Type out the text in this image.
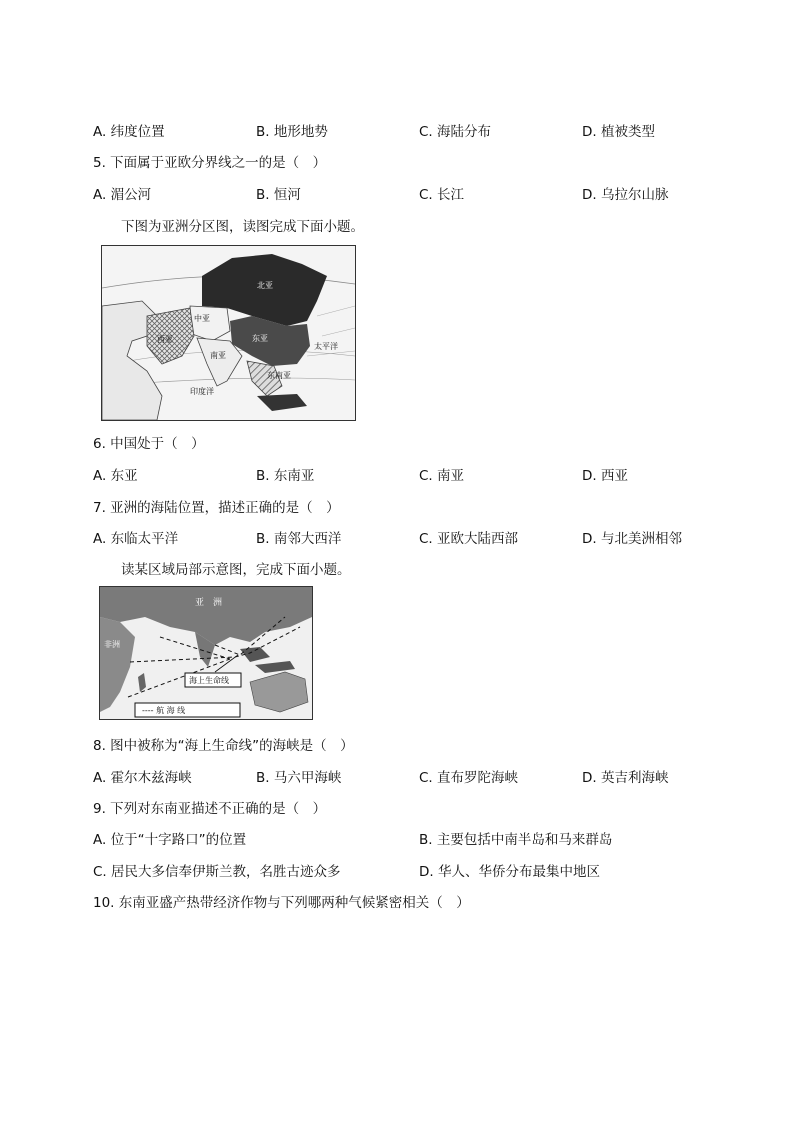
A. 纬度位置	B. 地形地势	C. 海陆分布	D. 植被类型
5. 下面属于亚欧分界线之一的是（　）
A. 湄公河	B. 恒河	C. 长江	D. 乌拉尔山脉
下图为亚洲分区图，读图完成下面小题。
北亚
中亚
东亚
西亚
南亚
东南亚
太平洋
印度洋
6. 中国处于（　）
A. 东亚	B. 东南亚	C. 南亚	D. 西亚
7. 亚洲的海陆位置，描述正确的是（　）
A. 东临太平洋	B. 南邻大西洋	C. 亚欧大陆西部	D. 与北美洲相邻
读某区域局部示意图，完成下面小题。
海上生命线
亚　洲
非洲
---- 航 海 线
8. 图中被称为“海上生命线”的海峡是（　）
A. 霍尔木兹海峡	B. 马六甲海峡	C. 直布罗陀海峡	D. 英吉利海峡
9. 下列对东南亚描述不正确的是（　）
A. 位于“十字路口”的位置	B. 主要包括中南半岛和马来群岛
C. 居民大多信奉伊斯兰教，名胜古迹众多	D. 华人、华侨分布最集中地区
10. 东南亚盛产热带经济作物与下列哪两种气候紧密相关（　）
